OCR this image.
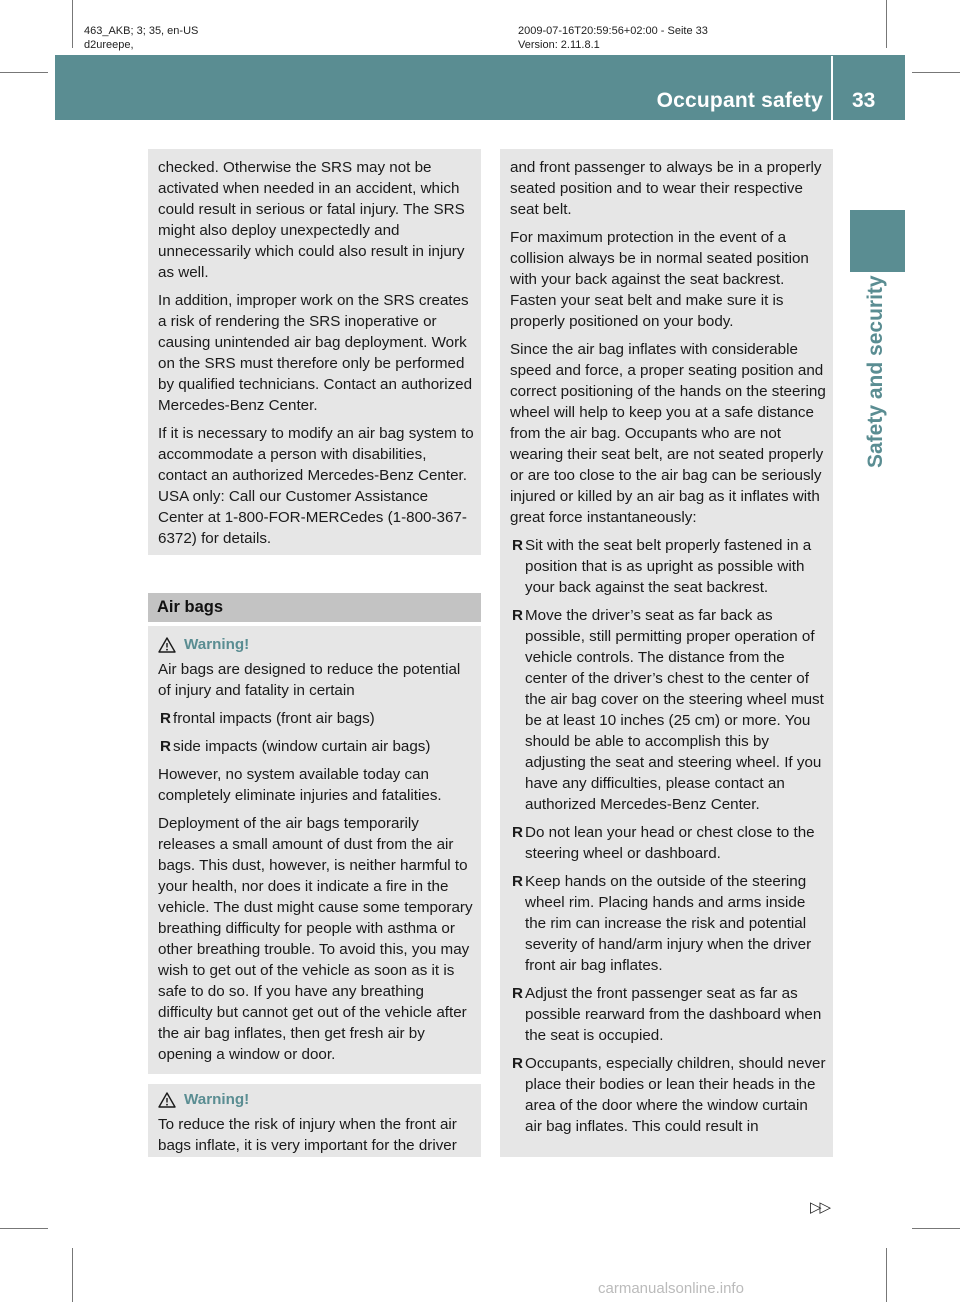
463_AKB; 3; 35, en-US
d2ureepe,
2009-07-16T20:59:56+02:00 - Seite 33
Version: 2.11.8.1
Occupant safety 33
Safety and security

checked. Otherwise the SRS may not be activated when needed in an accident, which could result in serious or fatal injury. The SRS might also deploy unexpectedly and unnecessarily which could also result in injury as well.

In addition, improper work on the SRS creates a risk of rendering the SRS inoperative or causing unintended air bag deployment. Work on the SRS must therefore only be performed by qualified technicians. Contact an authorized Mercedes-Benz Center.

If it is necessary to modify an air bag system to accommodate a person with disabilities, contact an authorized Mercedes-Benz Center. USA only: Call our Customer Assistance Center at 1-800-FOR-MERCedes (1-800-367-6372) for details.

Air bags
Warning!

Air bags are designed to reduce the potential of injury and fatality in certain

R frontal impacts (front air bags)
R side impacts (window curtain air bags)

However, no system available today can completely eliminate injuries and fatalities.

Deployment of the air bags temporarily releases a small amount of dust from the air bags. This dust, however, is neither harmful to your health, nor does it indicate a fire in the vehicle. The dust might cause some temporary breathing difficulty for people with asthma or other breathing trouble. To avoid this, you may wish to get out of the vehicle as soon as it is safe to do so. If you have any breathing difficulty but cannot get out of the vehicle after the air bag inflates, then get fresh air by opening a window or door.

Warning!

To reduce the risk of injury when the front air bags inflate, it is very important for the driver

and front passenger to always be in a properly seated position and to wear their respective seat belt.

For maximum protection in the event of a collision always be in normal seated position with your back against the seat backrest. Fasten your seat belt and make sure it is properly positioned on your body.

Since the air bag inflates with considerable speed and force, a proper seating position and correct positioning of the hands on the steering wheel will help to keep you at a safe distance from the air bag. Occupants who are not wearing their seat belt, are not seated properly or are too close to the air bag can be seriously injured or killed by an air bag as it inflates with great force instantaneously:

R Sit with the seat belt properly fastened in a position that is as upright as possible with your back against the seat backrest.
R Move the driver’s seat as far back as possible, still permitting proper operation of vehicle controls. The distance from the center of the driver’s chest to the center of the air bag cover on the steering wheel must be at least 10 inches (25 cm) or more. You should be able to accomplish this by adjusting the seat and steering wheel. If you have any difficulties, please contact an authorized Mercedes-Benz Center.
R Do not lean your head or chest close to the steering wheel or dashboard.
R Keep hands on the outside of the steering wheel rim. Placing hands and arms inside the rim can increase the risk and potential severity of hand/arm injury when the driver front air bag inflates.
R Adjust the front passenger seat as far as possible rearward from the dashboard when the seat is occupied.
R Occupants, especially children, should never place their bodies or lean their heads in the area of the door where the window curtain air bag inflates. This could result in
▷▷
carmanualsonline.info
